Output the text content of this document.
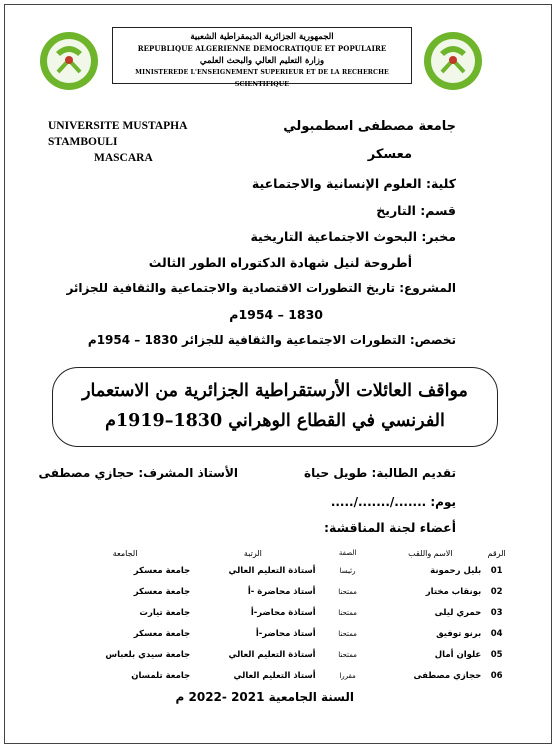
الجمهورية الجزائرية الديمقراطية الشعبية
REPUBLIQUE ALGERIENNE DEMOCRATIQUE ET POPULAIRE
وزارة التعليم العالي والبحث العلمي
MINISTEREDE L'ENSEIGNEMENT SUPERIEUR ET DE LA RECHERCHE SCIENTIFIQUE
UNIVERSITE MUSTAPHA STAMBOULI
MASCARA
جامعة مصطفى اسطمبولي
معسكر
كلية: العلوم الإنسانية والاجتماعية
قسم: التاريخ
مخبر: البحوث الاجتماعية التاريخية
أطروحة لنيل شهادة الدكتوراه الطور الثالث
المشروع: تاريخ التطورات الاقتصادية والاجتماعية والثقافية للجزائر
1830 – 1954م
تخصص: التطورات الاجتماعية والثقافية للجزائر 1830 – 1954م
مواقف العائلات الأرستقراطية الجزائرية من الاستعمار
الفرنسي في القطاع الوهراني 1830–1919م
تقديم الطالبة: طويل حياة
الأستاذ المشرف: حجازي مصطفى
يوم: ......./......./.....
أعضاء لجنة المناقشة:
الرقم	الاسم واللقب	الصفة	الرتبة	الجامعة
01	بليل رحمونة	رئيسا	أستاذة التعليم العالي	جامعة معسكر
02	بونقاب مختار	ممتحنا	أستاذ محاضرة -أ	جامعة معسكر
03	حمري ليلى	ممتحنا	أستاذة محاضر-أ	جامعة تيارت
04	برنو توفيق	ممتحنا	أستاذ محاضر-أ	جامعة معسكر
05	علوان أمال	ممتحنا	أستاذة التعليم العالي	جامعة سيدي بلعباس
06	حجازي مصطفى	مقررا	أستاذ التعليم العالي	جامعة تلمسان
السنة الجامعية 2021 -2022 م
